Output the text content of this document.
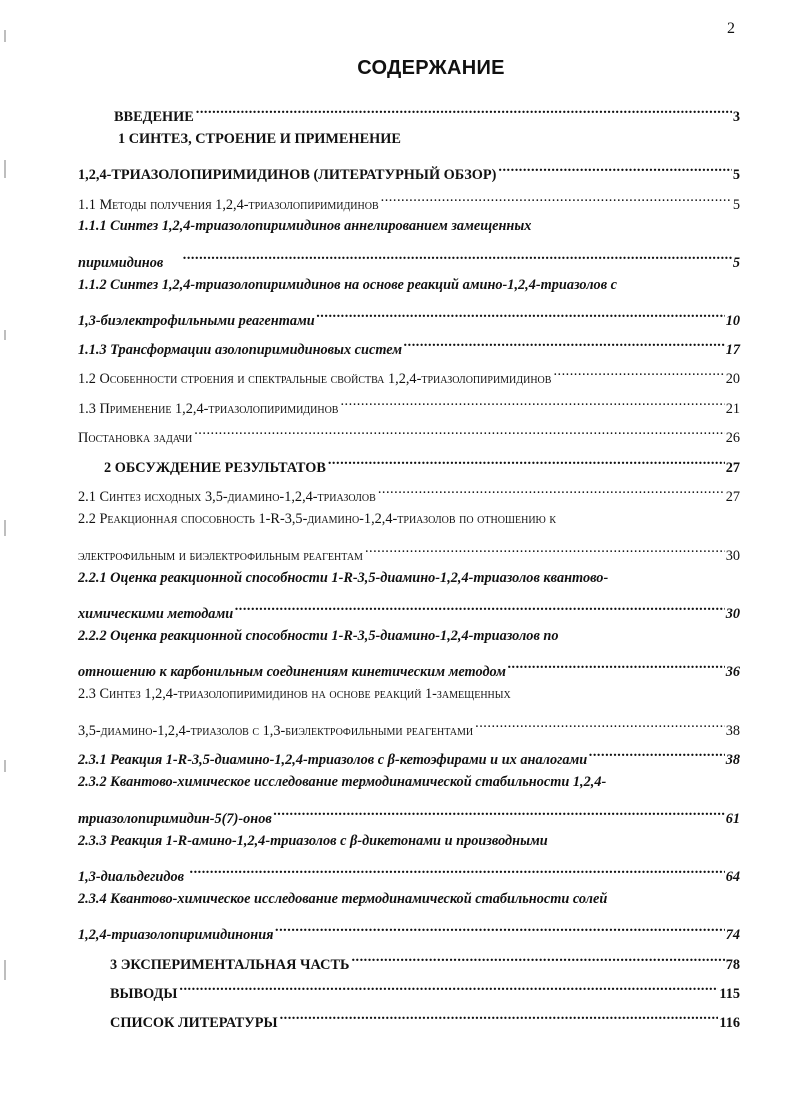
2
СОДЕРЖАНИЕ
ВВЕДЕНИЕ .....	3
1 СИНТЕЗ, СТРОЕНИЕ И ПРИМЕНЕНИЕ
1,2,4-ТРИАЗОЛОПИРИМИДИНОВ (ЛИТЕРАТУРНЫЙ ОБЗОР) .....	5
1.1 Методы получения 1,2,4-триазолопиримидинов .....	5
1.1.1 Синтез 1,2,4-триазолопиримидинов аннелированием замещенных
пиримидинов .....	5
1.1.2 Синтез 1,2,4-триазолопиримидинов на основе реакций амино-1,2,4-триазолов с
1,3-биэлектрофильными реагентами .....	10
1.1.3 Трансформации азолопиримидиновых систем .....	17
1.2 Особенности строения и спектральные свойства 1,2,4-триазолопиримидинов .....	20
1.3 Применение 1,2,4-триазолопиримидинов .....	21
Постановка задачи .....	26
2 ОБСУЖДЕНИЕ РЕЗУЛЬТАТОВ .....	27
2.1 Синтез исходных 3,5-диамино-1,2,4-триазолов .....	27
2.2 Реакционная способность 1-R-3,5-диамино-1,2,4-триазолов по отношению к
электрофильным и биэлектрофильным реагентам .....	30
2.2.1 Оценка реакционной способности 1-R-3,5-диамино-1,2,4-триазолов квантово-
химическими методами .....	30
2.2.2 Оценка реакционной способности 1-R-3,5-диамино-1,2,4-триазолов по
отношению к карбонильным соединениям кинетическим методом .....	36
2.3 Синтез 1,2,4-триазолопиримидинов на основе реакций 1-замещенных
3,5-диамино-1,2,4-триазолов с 1,3-биэлектрофильными реагентами .....	38
2.3.1 Реакция 1-R-3,5-диамино-1,2,4-триазолов с β-кетоэфирами и их аналогами .....	38
2.3.2 Квантово-химическое исследование термодинамической стабильности 1,2,4-
триазолопиримидин-5(7)-онов .....	61
2.3.3 Реакция 1-R-амино-1,2,4-триазолов с β-дикетонами и производными
1,3-диальдегидов .....	64
2.3.4 Квантово-химическое исследование термодинамической стабильности солей
1,2,4-триазолопиримидинония .....	74
3 ЭКСПЕРИМЕНТАЛЬНАЯ ЧАСТЬ .....	78
ВЫВОДЫ .....	115
СПИСОК ЛИТЕРАТУРЫ .....	116
